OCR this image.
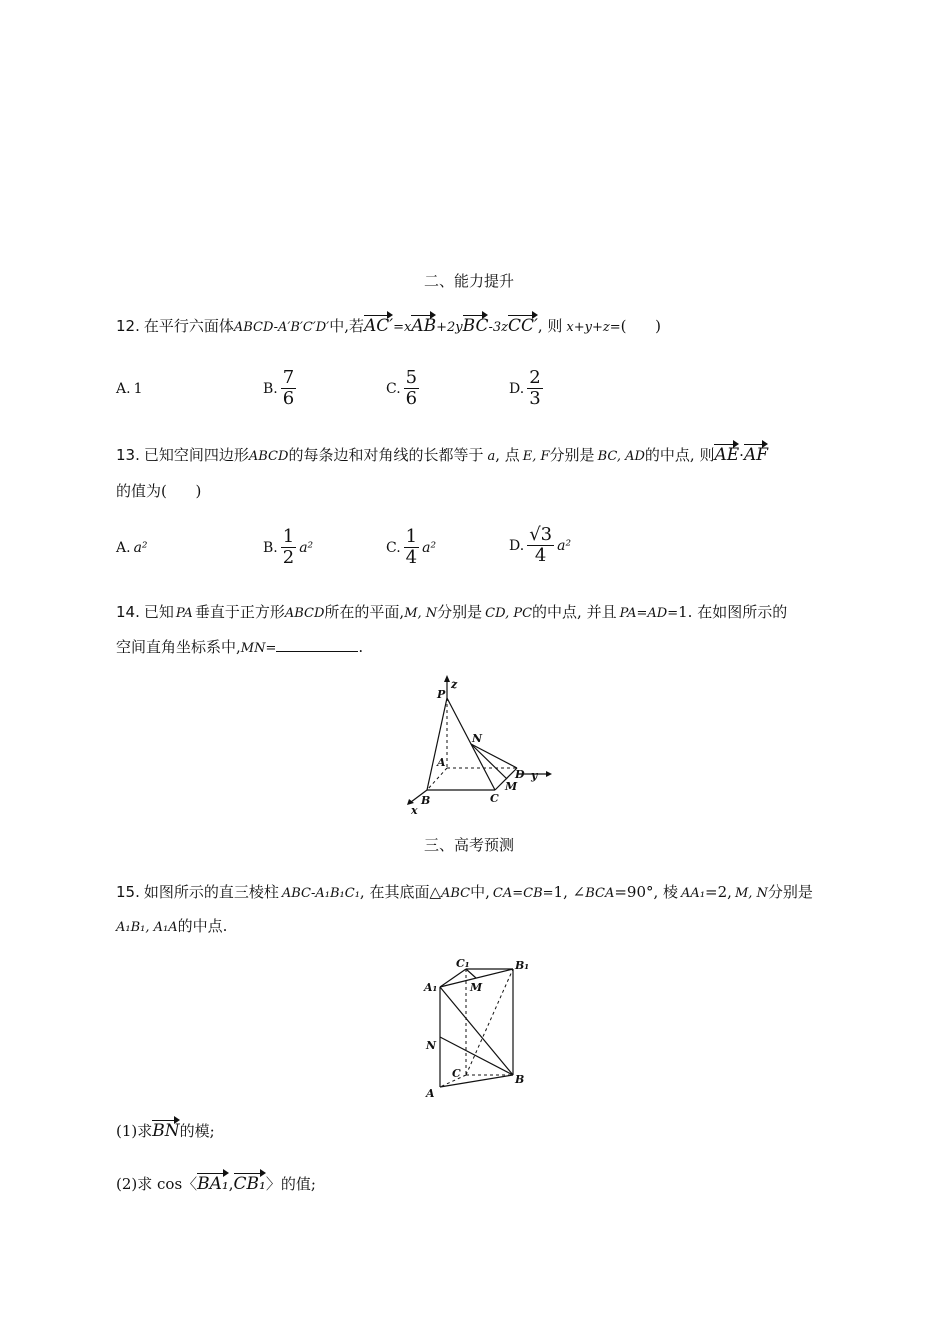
二、能力提升
12. 在平行六面体 ABCD-A′B′C′D′ 中,若 AC′ =x AB +2y BC -3z CC′ , 则 x+y+z= (      )
A. 1	B. $\frac{7}{6}$	C. $\frac{5}{6}$	D. $\frac{2}{3}$
13. 已知空间四边形 ABCD 的每条边和对角线的长都等于 a , 点 E, F 分别是 BC, AD 的中点, 则 AE · AF
的值为(      )
A. a²	B. $\frac{1}{2} a^2$	C. $\frac{1}{4} a^2$	D. $\frac{√3}{4} a^2$
14. 已知 PA 垂直于正方形 ABCD 所在的平面, M, N 分别是 CD, PC 的中点, 并且 PA=AD= 1. 在如图所示的
空间直角坐标系中, MN=	.
P
z
N
A
D y
M
B	C
x
三、高考预测
15. 如图所示的直三棱柱 ABC-A₁B₁C₁ , 在其底面△ ABC 中, CA=CB= 1, ∠ BCA =90°, 棱 AA₁ =2, M, N 分别是
A₁B₁, A₁A 的中点.
C₁	B₁
A₁	M
N
C	B
A
(1)求 BN 的模;
(2)求 cos〈 BA₁ , CB₁ 〉的值;
